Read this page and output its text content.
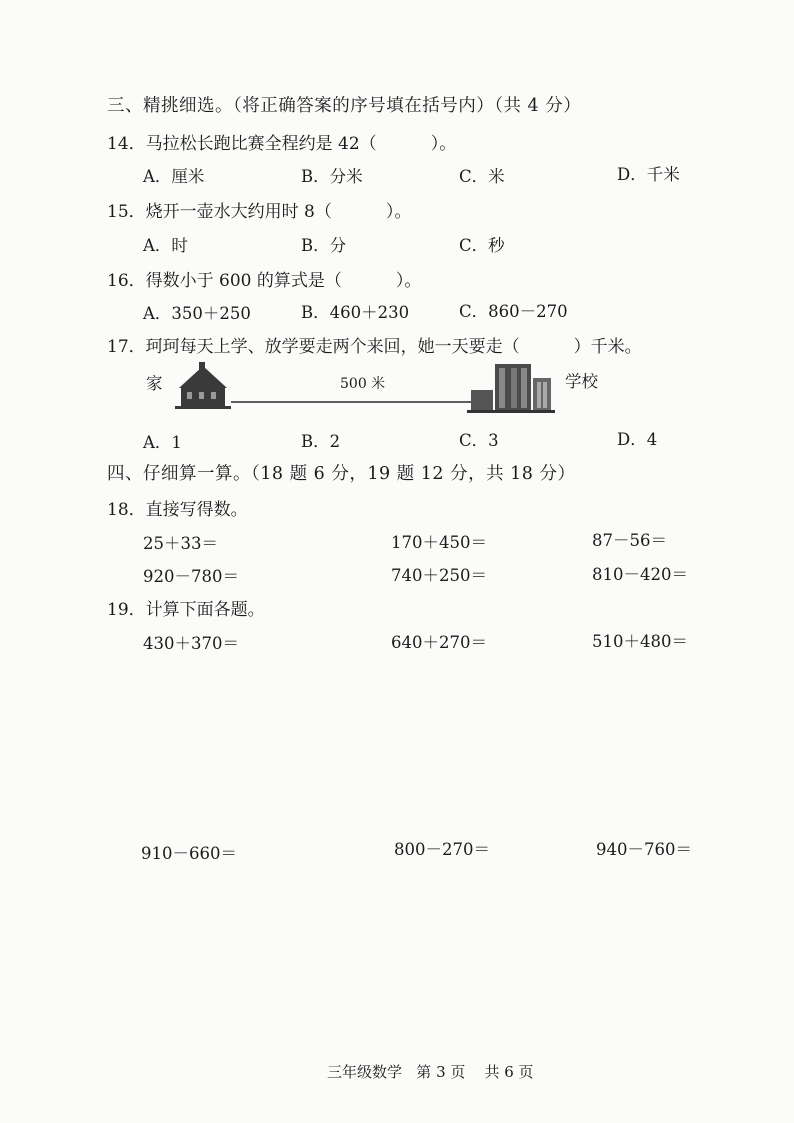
三、精挑细选。（将正确答案的序号填在括号内）（共 4 分）
14．马拉松长跑比赛全程约是 42（          ）。
A．厘米	B．分米	C．米	D．千米
15．烧开一壶水大约用时 8（          ）。
A．时	B．分	C．秒
16．得数小于 600 的算式是（          ）。
A．350＋250	B．460＋230	C．860－270
17．珂珂每天上学、放学要走两个来回，她一天要走（          ）千米。
家	500 米	学校
A．1	B．2	C．3	D．4
四、仔细算一算。（18 题 6 分，19 题 12 分，共 18 分）
18．直接写得数。
25＋33＝	170＋450＝	87－56＝
920－780＝	740＋250＝	810－420＝
19．计算下面各题。
430＋370＝	640＋270＝	510＋480＝
910－660＝	800－270＝	940－760＝
三年级数学   第 3 页    共 6 页
